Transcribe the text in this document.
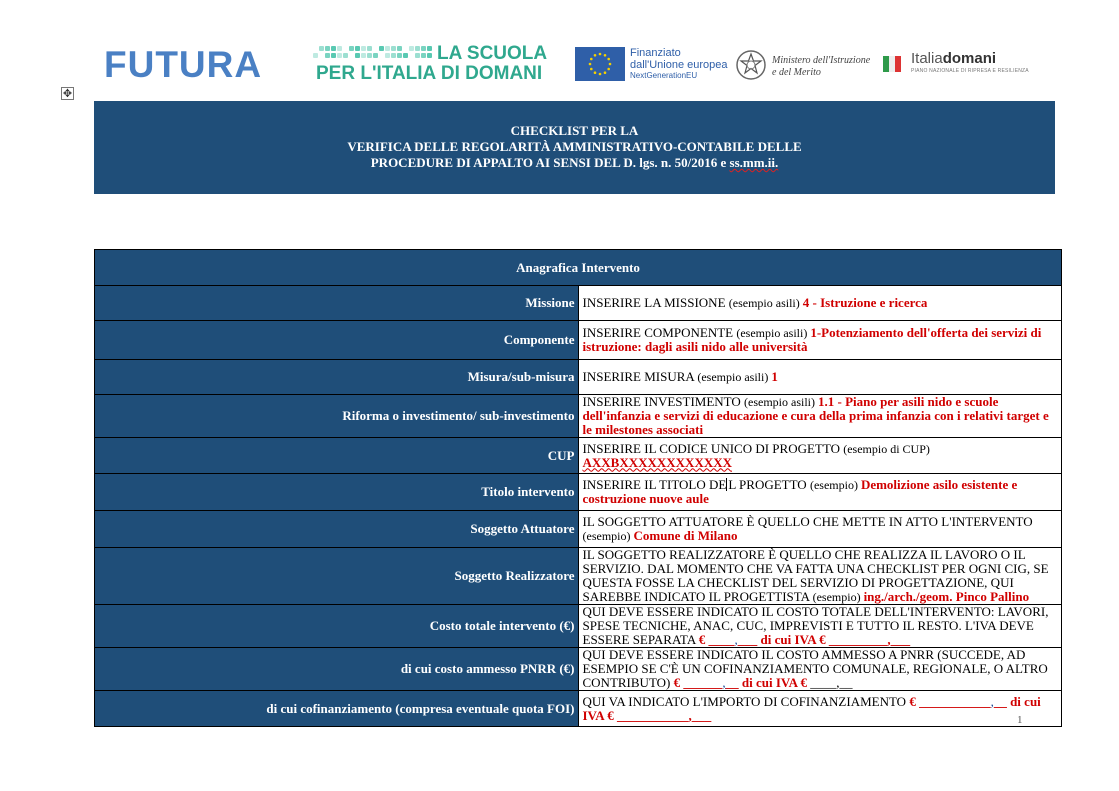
FUTURA	LA SCUOLA
PER L'ITALIA DI DOMANI
Finanziato
dall'Unione europea
NextGenerationEU
Ministero dell'Istruzione
e del Merito
Italiadomani
PIANO NAZIONALE DI RIPRESA E RESILIENZA
✥
CHECKLIST PER LA
VERIFICA DELLE REGOLARITÀ AMMINISTRATIVO-CONTABILE DELLE
PROCEDURE DI APPALTO AI SENSI DEL D. lgs. n. 50/2016 e ss.mm.ii.
Anagrafica Intervento	
Missione	INSERIRE LA MISSIONE (esempio asili) 4 - Istruzione e ricerca
Componente	INSERIRE COMPONENTE (esempio asili) 1-Potenziamento dell'offerta dei servizi di istruzione: dagli asili nido alle università
Misura/sub-misura	INSERIRE MISURA (esempio asili) 1
Riforma o investimento/ sub-investimento	INSERIRE INVESTIMENTO (esempio asili) 1.1 - Piano per asili nido e scuole dell'infanzia e servizi di educazione e cura della prima infanzia con i relativi target e le milestones associati
CUP	INSERIRE IL CODICE UNICO DI PROGETTO (esempio di CUP) AXXBXXXXXXXXXXXX
Titolo intervento	INSERIRE IL TITOLO DE L PROGETTO (esempio) Demolizione asilo esistente e costruzione nuove aule
Soggetto Attuatore	IL SOGGETTO ATTUATORE È QUELLO CHE METTE IN ATTO L'INTERVENTO (esempio) Comune di Milano
Soggetto Realizzatore	IL SOGGETTO REALIZZATORE È QUELLO CHE REALIZZA IL LAVORO O IL SERVIZIO. DAL MOMENTO CHE VA FATTA UNA CHECKLIST PER OGNI CIG, SE QUESTA FOSSE LA CHECKLIST DEL SERVIZIO DI PROGETTAZIONE, QUI SAREBBE INDICATO IL PROGETTISTA (esempio) ing./arch./geom. Pinco Pallino
Costo totale intervento (€)	QUI DEVE ESSERE INDICATO IL COSTO TOTALE DELL'INTERVENTO: LAVORI, SPESE TECNICHE, ANAC, CUC, IMPREVISTI E TUTTO IL RESTO. L'IVA DEVE ESSERE SEPARATA € ____,___ di cui IVA € _________,___
di cui costo ammesso PNRR (€)	QUI DEVE ESSERE INDICATO IL COSTO AMMESSO A PNRR (SUCCEDE, AD ESEMPIO SE C'È UN COFINANZIAMENTO COMUNALE, REGIONALE, O ALTRO CONTRIBUTO) € ______,__ di cui IVA € ____,__
di cui cofinanziamento (compresa eventuale quota FOI)	QUI VA INDICATO L'IMPORTO DI COFINANZIAMENTO € ___________,__ di cui IVA € ___________,___	1
